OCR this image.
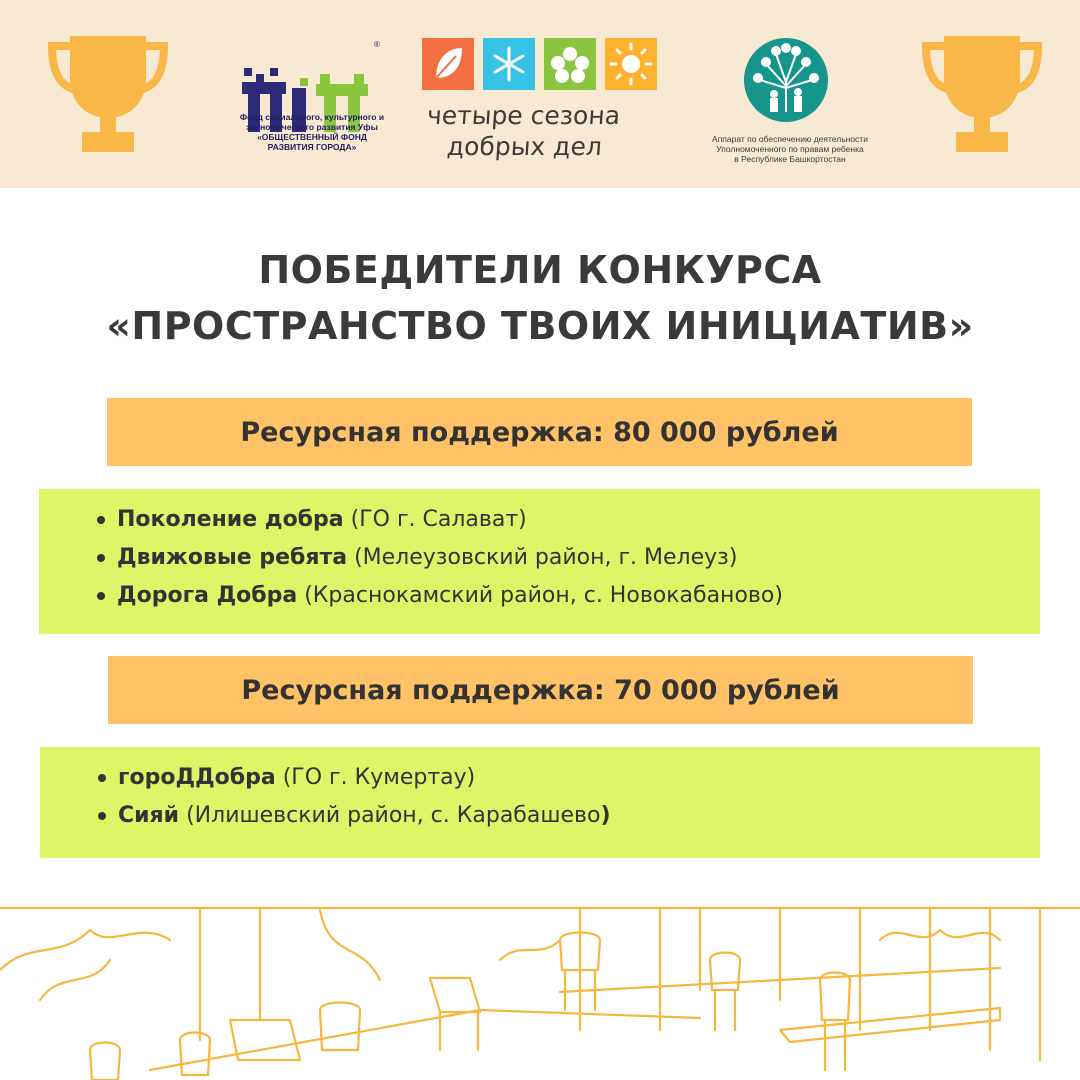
®
Фонд социального, культурного и
экономического развития Уфы
«ОБЩЕСТВЕННЫЙ ФОНД
РАЗВИТИЯ ГОРОДА»
четыре сезона
добрых дел	Аппарат по обеспечению деятельности
Уполномоченного по правам ребенка
в Республике Башкортостан
ПОБЕДИТЕЛИ КОНКУРСА
«ПРОСТРАНСТВО ТВОИХ ИНИЦИАТИВ»
Ресурсная поддержка: 80 000 рублей
Поколение добра (ГО г. Салават)
Движовые ребята (Мелеузовский район, г. Мелеуз)
Дорога Добра (Краснокамский район, с. Новокабаново)
Ресурсная поддержка: 70 000 рублей
гороДДобра (ГО г. Кумертау)
Сияй (Илишевский район, с. Карабашево)
